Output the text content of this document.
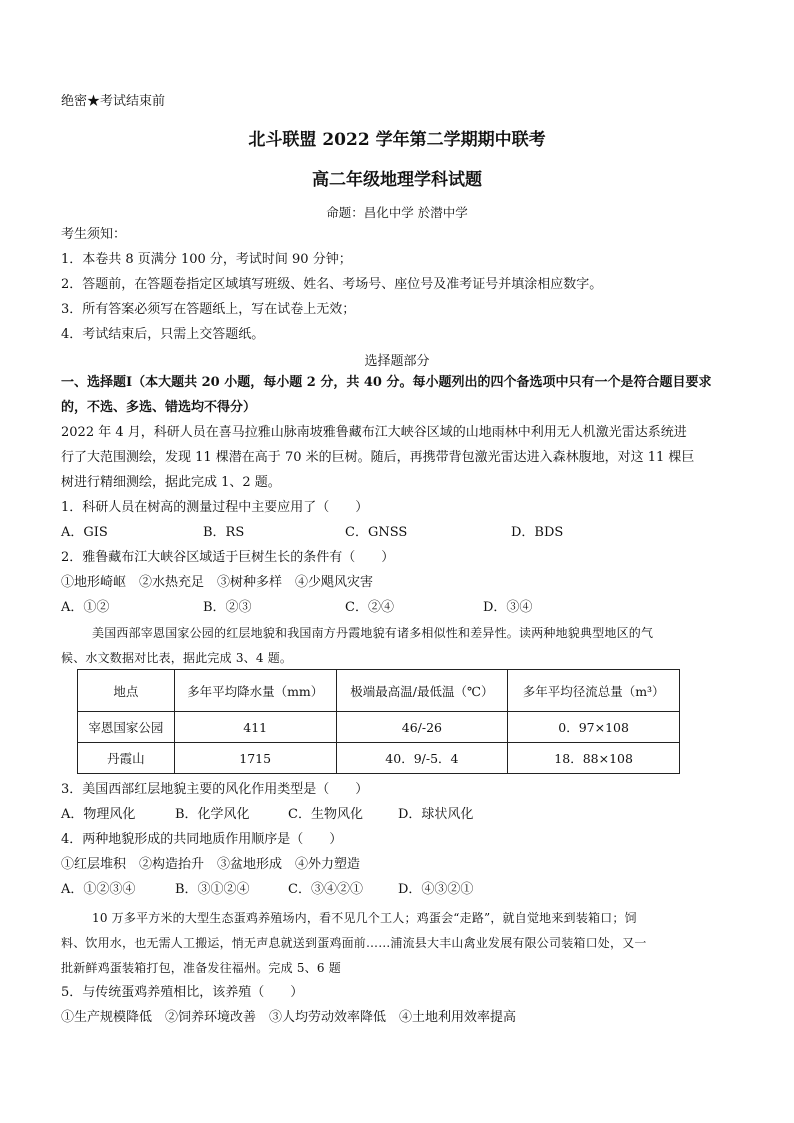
绝密★考试结束前
北斗联盟 2022 学年第二学期期中联考
高二年级地理学科试题
命题：昌化中学 於潜中学
考生须知：
1．本卷共 8 页满分 100 分，考试时间 90 分钟；
2．答题前，在答题卷指定区域填写班级、姓名、考场号、座位号及准考证号并填涂相应数字。
3．所有答案必须写在答题纸上，写在试卷上无效；
4．考试结束后，只需上交答题纸。
选择题部分
一、选择题Ⅰ（本大题共 20 小题，每小题 2 分，共 40 分。每小题列出的四个备选项中只有一个是符合题目要求
的，不选、多选、错选均不得分）
2022 年 4 月，科研人员在喜马拉雅山脉南坡雅鲁藏布江大峡谷区域的山地雨林中利用无人机激光雷达系统进
行了大范围测绘，发现 11 棵潜在高于 70 米的巨树。随后，再携带背包激光雷达进入森林腹地，对这 11 棵巨
树进行精细测绘，据此完成 1、2 题。
1．科研人员在树高的测量过程中主要应用了（　　）
A．GIS	B．RS	C．GNSS	D．BDS
2．雅鲁藏布江大峡谷区域适于巨树生长的条件有（　　）
①地形崎岖　②水热充足　③树种多样　④少飓风灾害
A．①②	B．②③	C．②④	D．③④
美国西部宰恩国家公园的红层地貌和我国南方丹霞地貌有诸多相似性和差异性。读两种地貌典型地区的气
候、水文数据对比表，据此完成 3、4 题。
地点	多年平均降水量（mm）	极端最高温/最低温（℃）	多年平均径流总量（m³）
宰恩国家公园	411	46/-26	0．97×108
丹霞山	1715	40．9/-5．4	18．88×108
3．美国西部红层地貌主要的风化作用类型是（　　）
A．物理风化	B．化学风化	C．生物风化	D．球状风化
4．两种地貌形成的共同地质作用顺序是（　　）
①红层堆积　②构造抬升　③盆地形成　④外力塑造
A．①②③④	B．③①②④	C．③④②①	D．④③②①
10 万多平方米的大型生态蛋鸡养殖场内，看不见几个工人；鸡蛋会“走路”，就自觉地来到装箱口；饲
料、饮用水，也无需人工搬运，悄无声息就送到蛋鸡面前……浦流县大丰山禽业发展有限公司装箱口处，又一
批新鲜鸡蛋装箱打包，准备发往福州。完成 5、6 题
5．与传统蛋鸡养殖相比，该养殖（　　）
①生产规模降低　②饲养环境改善　③人均劳动效率降低　④土地利用效率提高
